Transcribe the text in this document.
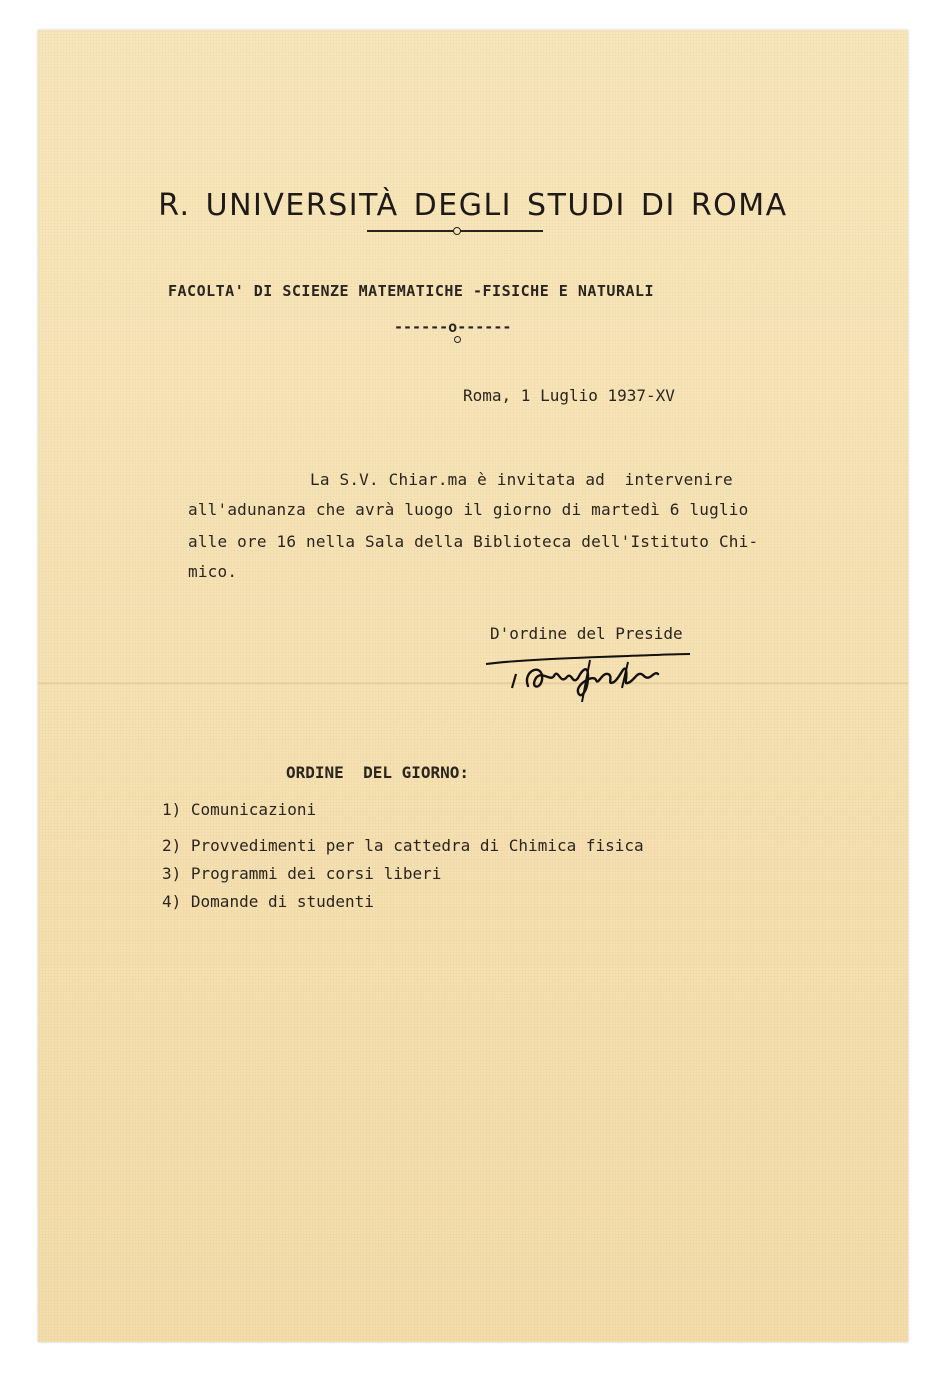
R. UNIVERSITÀ DEGLI STUDI DI ROMA
FACOLTA' DI SCIENZE MATEMATICHE -FISICHE E NATURALI
------o------
Roma, 1 Luglio 1937-XV
La S.V. Chiar.ma è invitata ad  intervenire
all'adunanza che avrà luogo il giorno di martedì 6 luglio
alle ore 16 nella Sala della Biblioteca dell'Istituto Chi-
mico.
D'ordine del Preside
ORDINE  DEL GIORNO:
1) Comunicazioni
2) Provvedimenti per la cattedra di Chimica fisica
3) Programmi dei corsi liberi
4) Domande di studenti
